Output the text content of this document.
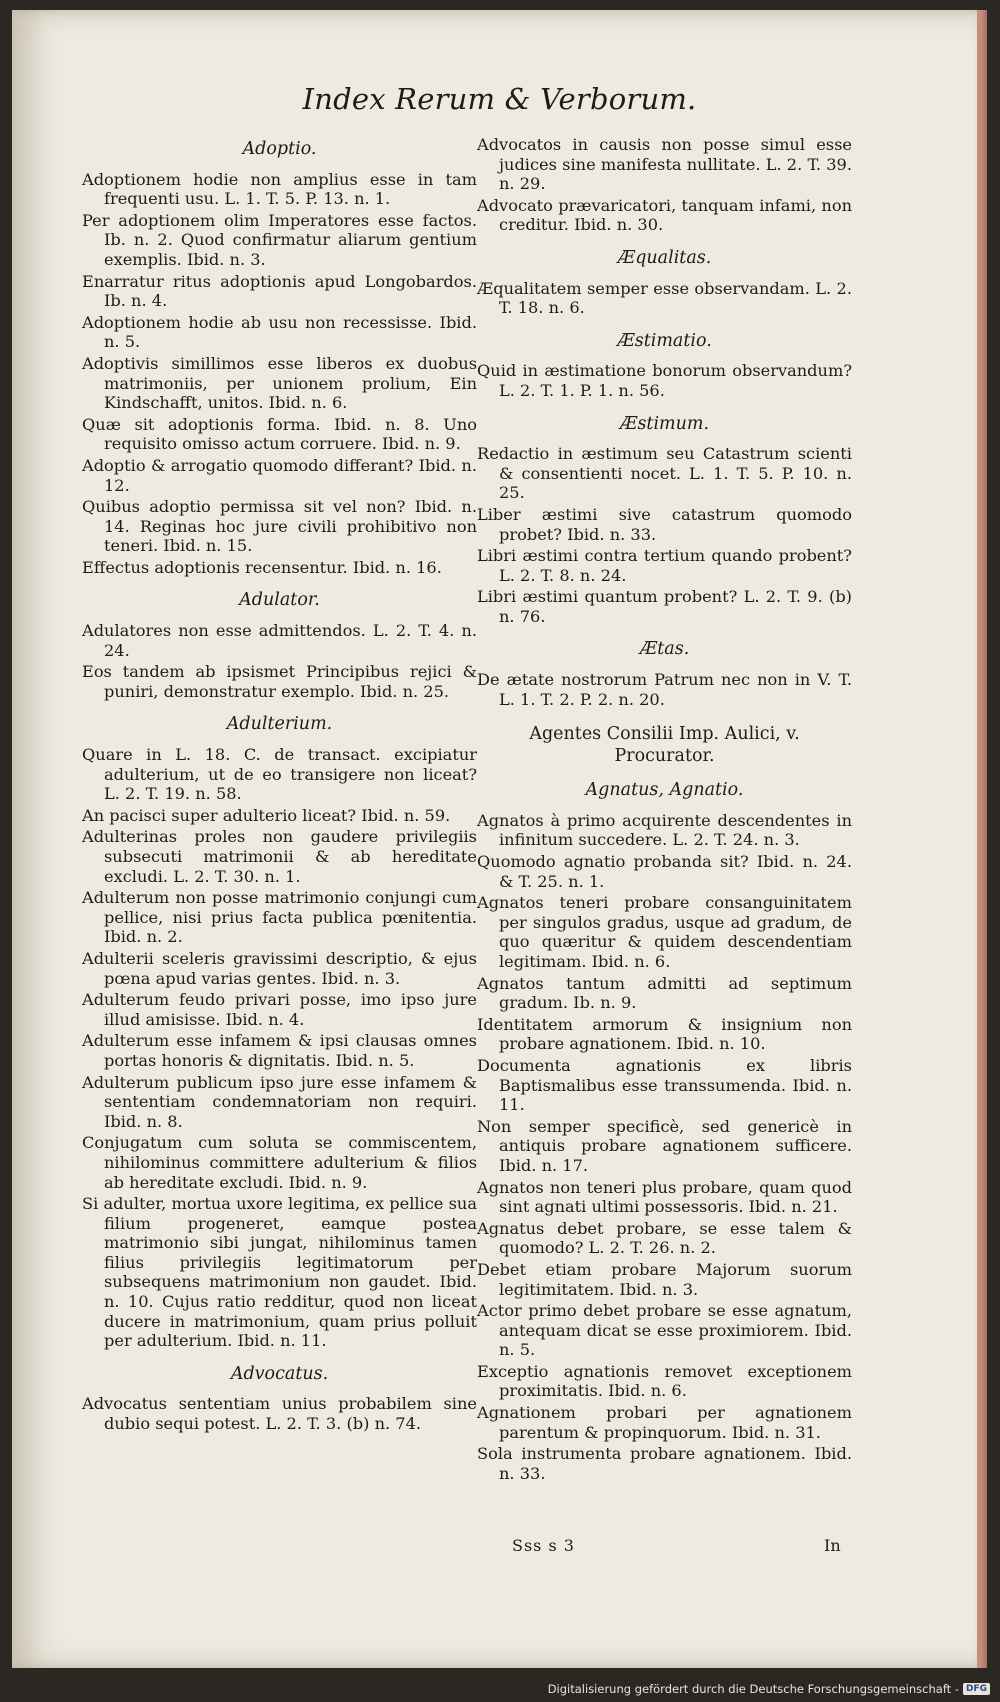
Index Rerum & Verborum.
Adoptio.
Adoptionem hodie non amplius esse in tam frequenti usu. L. 1. T. 5. P. 13. n. 1.
Per adoptionem olim Imperatores esse factos. Ib. n. 2. Quod confirmatur aliarum gentium exemplis. Ibid. n. 3.
Enarratur ritus adoptionis apud Longobardos. Ib. n. 4.
Adoptionem hodie ab usu non recessisse. Ibid. n. 5.
Adoptivis simillimos esse liberos ex duobus matrimoniis, per unionem prolium, Ein Kindschafft, unitos. Ibid. n. 6.
Quæ sit adoptionis forma. Ibid. n. 8. Uno requisito omisso actum corruere. Ibid. n. 9.
Adoptio & arrogatio quomodo differant? Ibid. n. 12.
Quibus adoptio permissa sit vel non? Ibid. n. 14. Reginas hoc jure civili prohibitivo non teneri. Ibid. n. 15.
Effectus adoptionis recensentur. Ibid. n. 16.
Adulator.
Adulatores non esse admittendos. L. 2. T. 4. n. 24.
Eos tandem ab ipsismet Principibus rejici & puniri, demonstratur exemplo. Ibid. n. 25.
Adulterium.
Quare in L. 18. C. de transact. excipiatur adulterium, ut de eo transigere non liceat? L. 2. T. 19. n. 58.
An pacisci super adulterio liceat? Ibid. n. 59.
Adulterinas proles non gaudere privilegiis subsecuti matrimonii & ab hereditate excludi. L. 2. T. 30. n. 1.
Adulterum non posse matrimonio conjungi cum pellice, nisi prius facta publica pœnitentia. Ibid. n. 2.
Adulterii sceleris gravissimi descriptio, & ejus pœna apud varias gentes. Ibid. n. 3.
Adulterum feudo privari posse, imo ipso jure illud amisisse. Ibid. n. 4.
Adulterum esse infamem & ipsi clausas omnes portas honoris & dignitatis. Ibid. n. 5.
Adulterum publicum ipso jure esse infamem & sententiam condemnatoriam non requiri. Ibid. n. 8.
Conjugatum cum soluta se commiscentem, nihilominus committere adulterium & filios ab hereditate excludi. Ibid. n. 9.
Si adulter, mortua uxore legitima, ex pellice sua filium progeneret, eamque postea matrimonio sibi jungat, nihilominus tamen filius privilegiis legitimatorum per subsequens matrimonium non gaudet. Ibid. n. 10. Cujus ratio redditur, quod non liceat ducere in matrimonium, quam prius polluit per adulterium. Ibid. n. 11.
Advocatus.
Advocatus sententiam unius probabilem sine dubio sequi potest. L. 2. T. 3. (b) n. 74.
Advocatos in causis non posse simul esse judices sine manifesta nullitate. L. 2. T. 39. n. 29.
Advocato prævaricatori, tanquam infami, non creditur. Ibid. n. 30.
Æqualitas.
Æqualitatem semper esse observandam. L. 2. T. 18. n. 6.
Æstimatio.
Quid in æstimatione bonorum observandum? L. 2. T. 1. P. 1. n. 56.
Æstimum.
Redactio in æstimum seu Catastrum scienti & consentienti nocet. L. 1. T. 5. P. 10. n. 25.
Liber æstimi sive catastrum quomodo probet? Ibid. n. 33.
Libri æstimi contra tertium quando probent? L. 2. T. 8. n. 24.
Libri æstimi quantum probent? L. 2. T. 9. (b) n. 76.
Ætas.
De ætate nostrorum Patrum nec non in V. T. L. 1. T. 2. P. 2. n. 20.
Agentes Consilii Imp. Aulici, v. Procurator.
Agnatus, Agnatio.
Agnatos à primo acquirente descendentes in infinitum succedere. L. 2. T. 24. n. 3.
Quomodo agnatio probanda sit? Ibid. n. 24. & T. 25. n. 1.
Agnatos teneri probare consanguinitatem per singulos gradus, usque ad gradum, de quo quæritur & quidem descendentiam legitimam. Ibid. n. 6.
Agnatos tantum admitti ad septimum gradum. Ib. n. 9.
Identitatem armorum & insignium non probare agnationem. Ibid. n. 10.
Documenta agnationis ex libris Baptismalibus esse transsumenda. Ibid. n. 11.
Non semper specificè, sed genericè in antiquis probare agnationem sufficere. Ibid. n. 17.
Agnatos non teneri plus probare, quam quod sint agnati ultimi possessoris. Ibid. n. 21.
Agnatus debet probare, se esse talem & quomodo? L. 2. T. 26. n. 2.
Debet etiam probare Majorum suorum legitimitatem. Ibid. n. 3.
Actor primo debet probare se esse agnatum, antequam dicat se esse proximiorem. Ibid. n. 5.
Exceptio agnationis removet exceptionem proximitatis. Ibid. n. 6.
Agnationem probari per agnationem parentum & propinquorum. Ibid. n. 31.
Sola instrumenta probare agnationem. Ibid. n. 33.
Sss s 3	In
Digitalisierung gefördert durch die Deutsche Forschungsgemeinschaft - DFG
